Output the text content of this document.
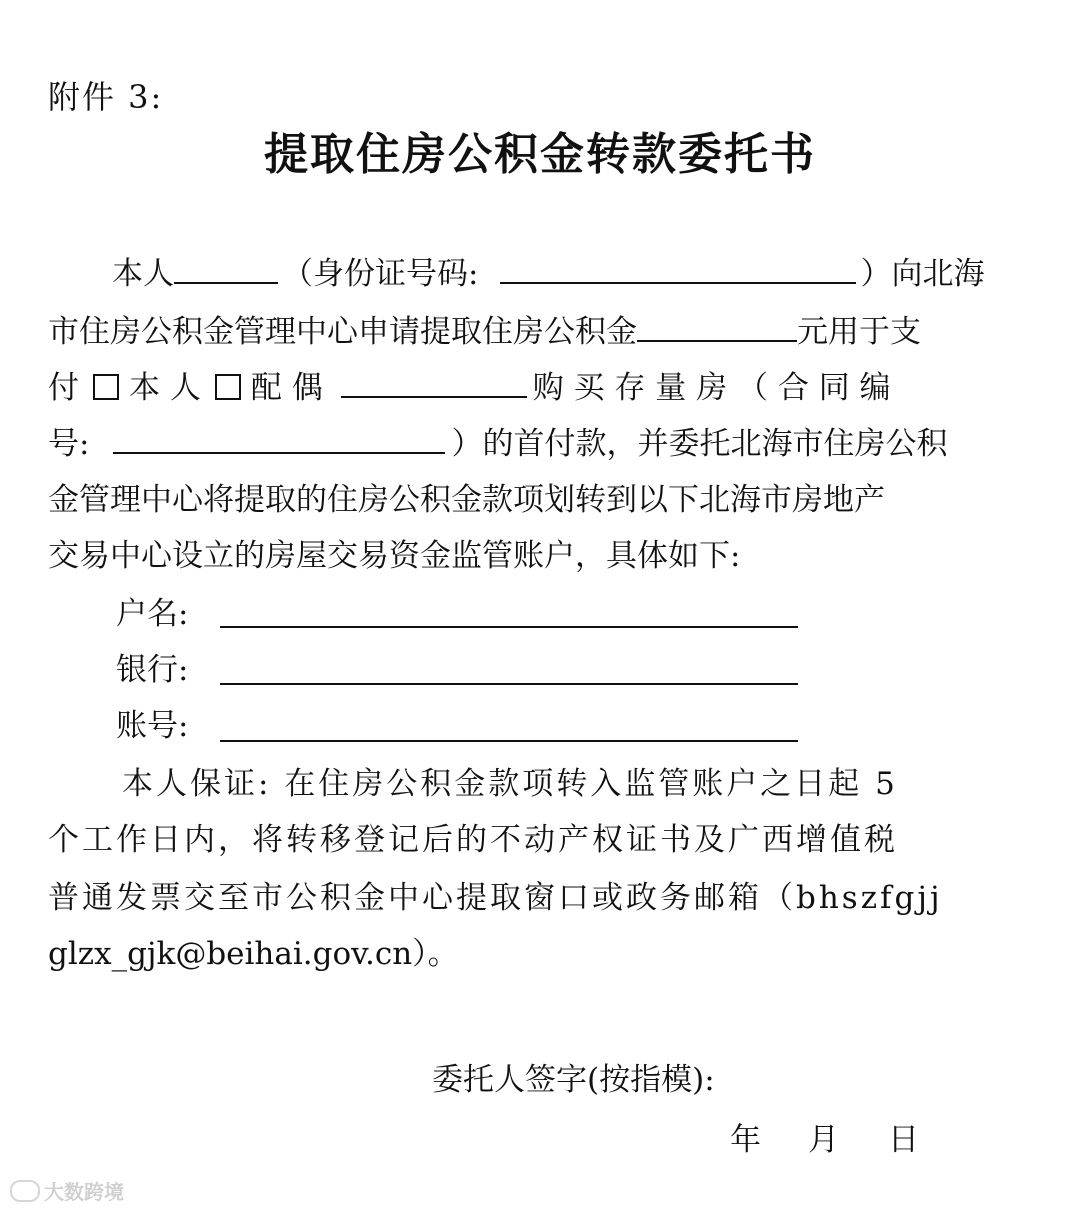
附件 3:
提取住房公积金转款委托书
本人	（身份证号码:	）向北海
市住房公积金管理中心申请提取住房公积金	元用于支
付 本 人 配 偶	购 买 存 量 房 （ 合 同 编
号:	）的首付款，并委托北海市住房公积
金管理中心将提取的住房公积金款项划转到以下北海市房地产
交易中心设立的房屋交易资金监管账户，具体如下:
户名:
银行:
账号:
本人保证: 在住房公积金款项转入监管账户之日起 5
个工作日内，将转移登记后的不动产权证书及广西增值税
普通发票交至市公积金中心提取窗口或政务邮箱（bhszfgjj
glzx_gjk@beihai.gov.cn）。
委托人签字(按指模):
年 月 日
大数跨境
